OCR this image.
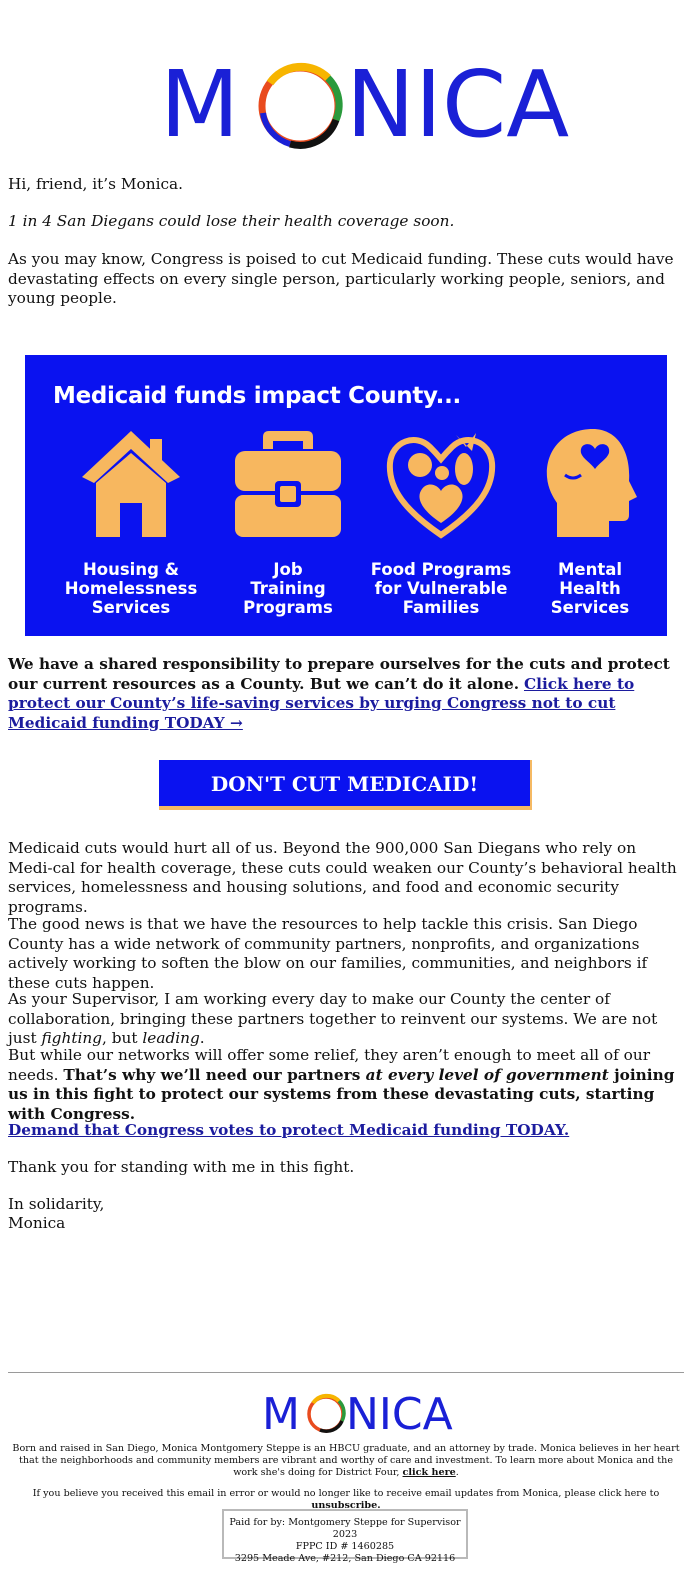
M NICA

Hi, friend, it’s Monica.

1 in 4 San Diegans could lose their health coverage soon.

As you may know, Congress is poised to cut Medicaid funding. These cuts would have devastating effects on every single person, particularly working people, seniors, and young people.

Medicaid funds impact County...
Housing &
Homelessness
Services
Job
Training
Programs
Food Programs
for Vulnerable
Families
Mental
Health
Services

We have a shared responsibility to prepare ourselves for the cuts and protect our current resources as a County. But we can’t do it alone. Click here to protect our County’s life-saving services by urging Congress not to cut Medicaid funding TODAY →

DON'T CUT MEDICAID!

Medicaid cuts would hurt all of us. Beyond the 900,000 San Diegans who rely on Medi-cal for health coverage, these cuts could weaken our County’s behavioral health services, homelessness and housing solutions, and food and economic security programs.

The good news is that we have the resources to help tackle this crisis. San Diego County has a wide network of community partners, nonprofits, and organizations actively working to soften the blow on our families, communities, and neighbors if these cuts happen.

As your Supervisor, I am working every day to make our County the center of collaboration, bringing these partners together to reinvent our systems. We are not just fighting, but leading.

But while our networks will offer some relief, they aren’t enough to meet all of our needs. That’s why we’ll need our partners at every level of government joining us in this fight to protect our systems from these devastating cuts, starting with Congress.

Demand that Congress votes to protect Medicaid funding TODAY.

Thank you for standing with me in this fight.

In solidarity,

Monica

M NICA

Born and raised in San Diego, Monica Montgomery Steppe is an HBCU graduate, and an attorney by trade. Monica believes in her heart that the neighborhoods and community members are vibrant and worthy of care and investment. To learn more about Monica and the work she's doing for District Four, click here.

If you believe you received this email in error or would no longer like to receive email updates from Monica, please click here to unsubscribe.

Paid for by: Montgomery Steppe for Supervisor 2023
FPPC ID # 1460285
3295 Meade Ave, #212, San Diego CA 92116
